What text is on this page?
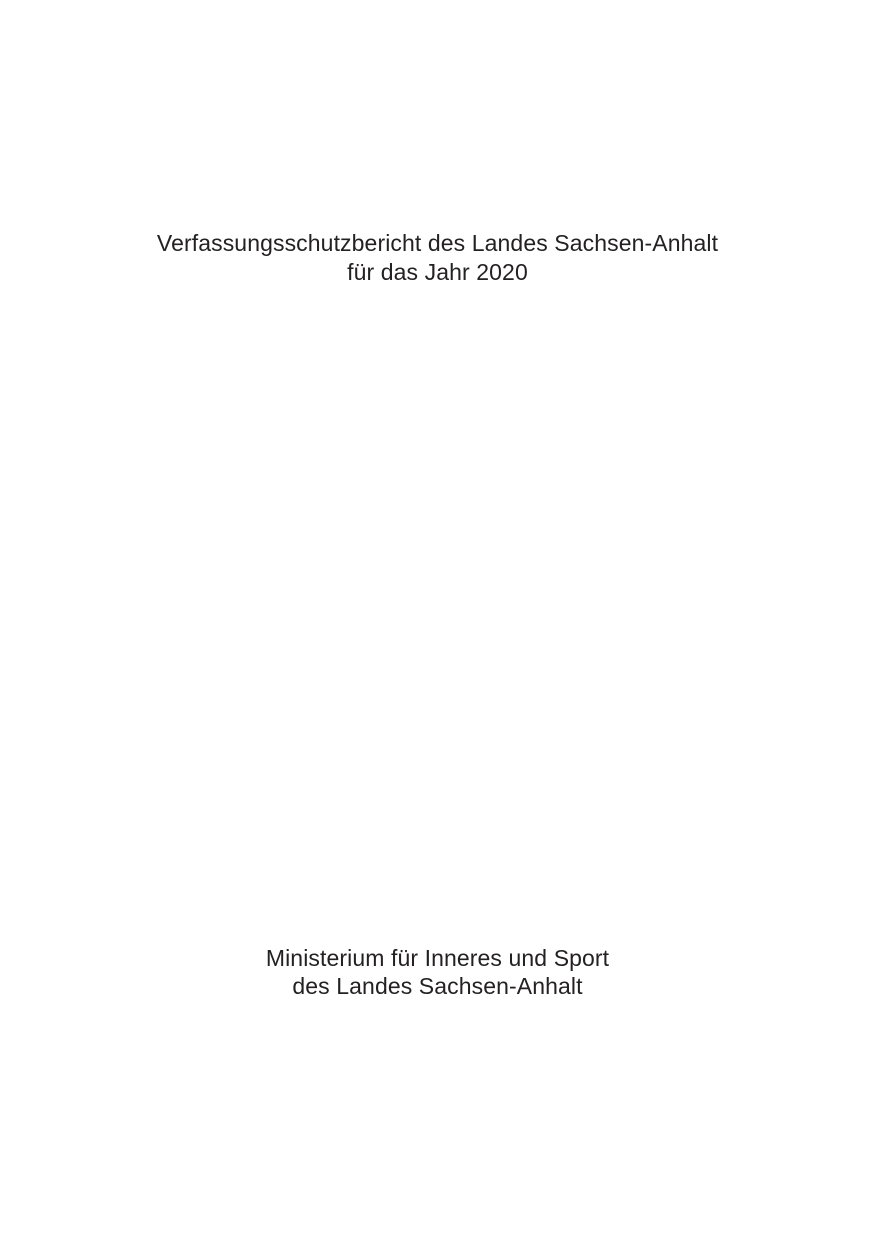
Verfassungsschutzbericht des Landes Sachsen-Anhalt
für das Jahr 2020
Ministerium für Inneres und Sport
des Landes Sachsen-Anhalt
